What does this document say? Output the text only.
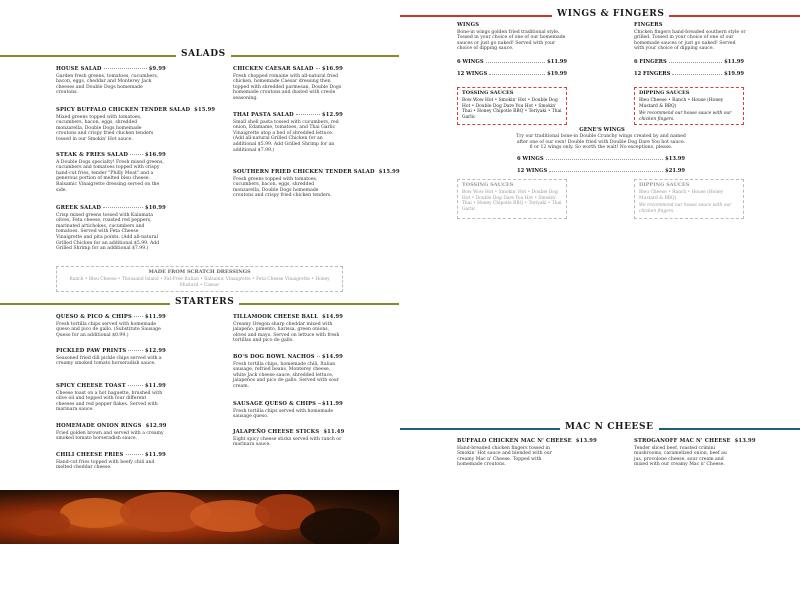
SALADS
HOUSE SALAD	$9.99
Garden fresh greens, tomatoes, cucumbers, bacon, eggs, cheddar and Monterey Jack cheeses and Double Dogs homemade croutons.
SPICY BUFFALO CHICKEN TENDER SALAD $15.99
Mixed greens topped with tomatoes, cucumbers, bacon, eggs, shredded monzarella, Double Dogs homemade croutons and crispy fried chicken tenders tossed in our Smokin' Hot sauce.
STEAK & FRIES SALAD	$16.99
A Double Dogs specialty! Fresh mixed greens, cucumbers and tomatoes topped with crispy hand-cut fries, tender "Philly Meat" and a generous portion of melted bleu cheese. Balsamic Vinaigrette dressing served on the side.
GREEK SALAD	$10.99
Crisp mixed greens tossed with Kalamata olives, Feta cheese, roasted red peppers, marinated artichokes, cucumbers and tomatoes. Served with Feta Cheese Vinaigrette and pita points. (Add all-natural Grilled Chicken for an additional $5.99. Add Grilled Shrimp for an additional $7.99.)
CHICKEN CAESAR SALAD $16.99
Fresh chopped romaine with all-natural fried chicken, homemade Caesar dressing then topped with shredded parmesan, Double Dogs homemade croutons and dusted with creole seasoning.
THAI PASTA SALAD	$12.99
Small shell pasta tossed with cucumbers, red onion, Edamame, tomatoes, and Thai Garlic Vinaigrette atop a bed of shredded lettuce. (Add all-natural Grilled Chicken for an additional $5.99. Add Grilled Shrimp for an additional $7.99.)
SOUTHERN FRIED CHICKEN TENDER SALAD $15.99
Fresh greens topped with tomatoes, cucumbers, bacon, eggs, shredded monzarella, Double Dogs homemade croutons and crispy fried chicken tenders.
MADE FROM SCRATCH DRESSINGS
Ranch • Bleu Cheese • Thousand Island • Fat-Free Italian • Balsamic Vinaigrette • Feta Cheese Vinaigrette • Honey Mustard • Caesar
STARTERS
QUESO & PICO & CHIPS	$11.99
Fresh tortilla chips served with homemade queso and pico de gallo. (Substitute Sausage Queso for an additional $0.99.)
PICKLED PAW PRINTS	$12.99
Seasoned fried dill pickle chips served with a creamy smoked tomato horseradish sauce.
SPICY CHEESE TOAST	$11.99
Cheese toast on a hot baguette, brushed with olive oil and topped with four different cheeses and red pepper flakes. Served with marinara sauce.
HOMEMADE ONION RINGS $12.99
Fried golden brown and served with a creamy smoked tomato horseradish sauce.
CHILI CHEESE FRIES	$11.99
Hand-cut fries topped with beefy chili and melted cheddar cheese.
TILLAMOOK CHEESE BALL $14.99
Creamy Oregon sharp cheddar mixed with jalapeño, pimento, harissa, green onions, olives and mayo. Served on lettuce with fresh tortillas and pico de gallo.
BO'S DOG BOWL NACHOS $14.99
Fresh tortilla chips, homemade chili, Italian sausage, refried beans, Monterey cheese, white Jack cheese sauce, shredded lettuce, jalapeños and pico de gallo. Served with sour cream.
SAUSAGE QUESO & CHIPS $11.99
Fresh tortilla chips served with homemade sausage queso.
JALAPEÑO CHEESE STICKS $11.49
Eight spicy cheese sticks served with ranch or marinara sauce.
WINGS & FINGERS
WINGS
Bone-in wings golden fried traditional style. Tossed in your choice of one of our homemade sauces or just go naked! Served with your choice of dipping sauce.
6 WINGS	$11.99
12 WINGS	$19.99
FINGERS
Chicken fingers hand-breaded southern style or grilled. Tossed in your choice of one of our homemade sauces or just go naked! Served with your choice of dipping sauce.
6 FINGERS	$11.99
12 FINGERS	$19.99
TOSSING SAUCES
Bow Wow Hot • Smokin' Hot • Double Dog Hot • Double Dog Dare You Hot • Smokin' Thai • Honey Chipotle BBQ • Teriyaki • Thai Garlic
DIPPING SAUCES
Bleu Cheese • Ranch • House (Honey Mustard & BBQ)
We recommend our house sauce with our chicken fingers.
GENE'S WINGS
Try our traditional bone-in Double Crunchy wings created by and named after one of our own! Double fried with Double Dog Dare You hot sauce. 6 or 12 wings only. So worth the wait! No exceptions, please.
6 WINGS	$13.99
12 WINGS	$21.99
TOSSING SAUCES
Bow Wow Hot • Smokin' Hot • Double Dog Hot • Double Dog Dare You Hot • Smokin' Thai • Honey Chipotle BBQ • Teriyaki • Thai Garlic
DIPPING SAUCES
Bleu Cheese • Ranch • House (Honey Mustard & BBQ)
We recommend our house sauce with our chicken fingers.
MAC N CHEESE
BUFFALO CHICKEN MAC N' CHEESE $13.99
Hand-breaded chicken fingers tossed in Smokin' Hot sauce and blended with our creamy Mac n' Cheese. Topped with homemade croutons.
STROGANOFF MAC N' CHEESE $13.99
Tender sliced beef, roasted crimini mushrooms, caramelized onion, beef au jus, provolone cheese, sour cream and mixed with our creamy Mac n' Cheese.
